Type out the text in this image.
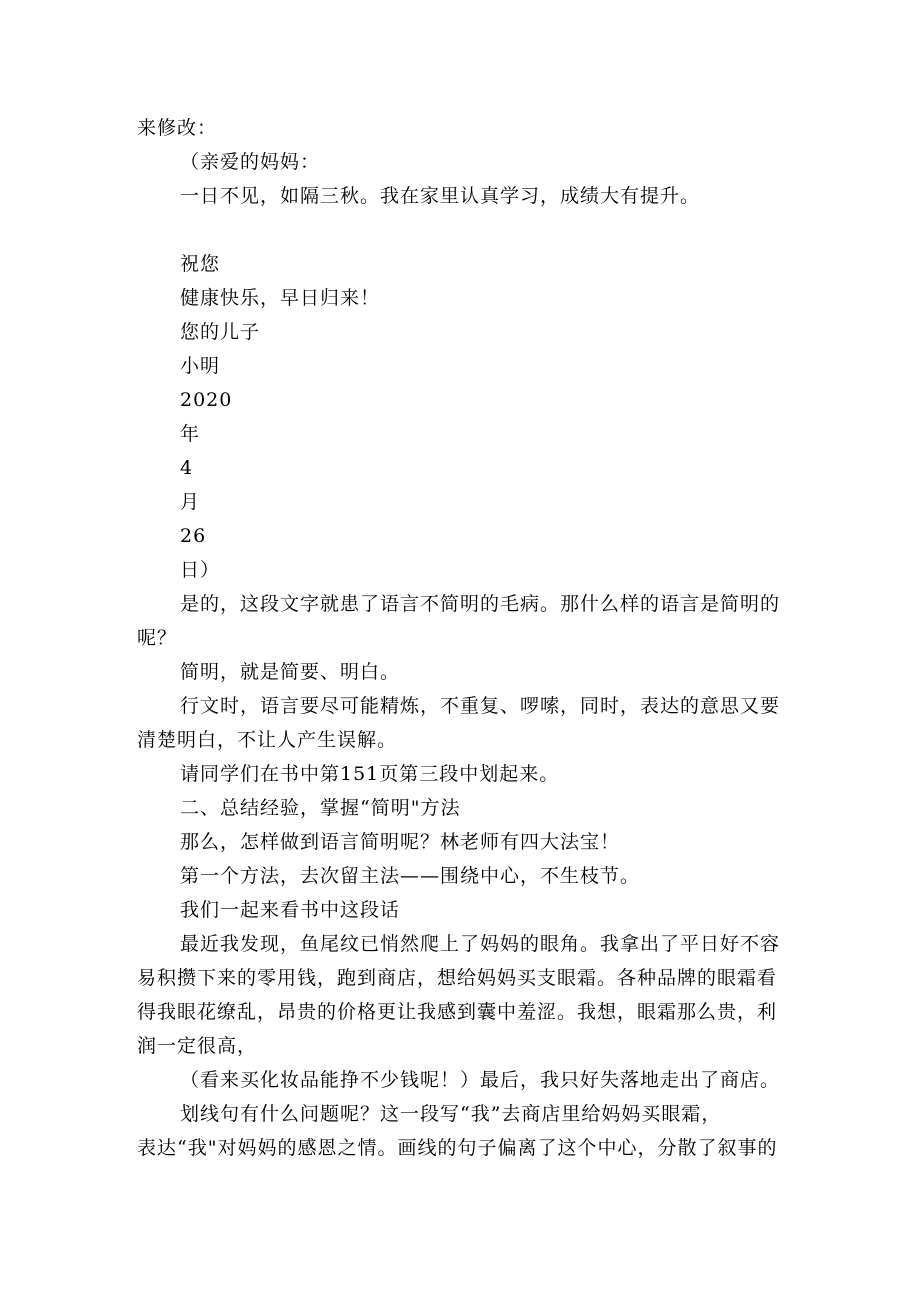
来修改：
（亲爱的妈妈：
一日不见，如隔三秋。我在家里认真学习，成绩大有提升。
祝您
健康快乐，早日归来！
您的儿子
小明
2020
年
4
月
26
日）
是的，这段文字就患了语言不简明的毛病。那什么样的语言是简明的
呢？
简明，就是简要、明白。
行文时，语言要尽可能精炼，不重复、啰嗦，同时，表达的意思又要
清楚明白，不让人产生误解。
请同学们在书中第151页第三段中划起来。
二、总结经验，掌握“简明"方法
那么，怎样做到语言简明呢？林老师有四大法宝！
第一个方法，去次留主法——围绕中心，不生枝节。
我们一起来看书中这段话
最近我发现，鱼尾纹已悄然爬上了妈妈的眼角。我拿出了平日好不容
易积攒下来的零用钱，跑到商店，想给妈妈买支眼霜。各种品牌的眼霜看
得我眼花缭乱，昂贵的价格更让我感到囊中羞涩。我想，眼霜那么贵，利
润一定很高，
（看来买化妆品能挣不少钱呢！）最后，我只好失落地走出了商店。
划线句有什么问题呢？这一段写“我”去商店里给妈妈买眼霜，
表达“我"对妈妈的感恩之情。画线的句子偏离了这个中心，分散了叙事的
